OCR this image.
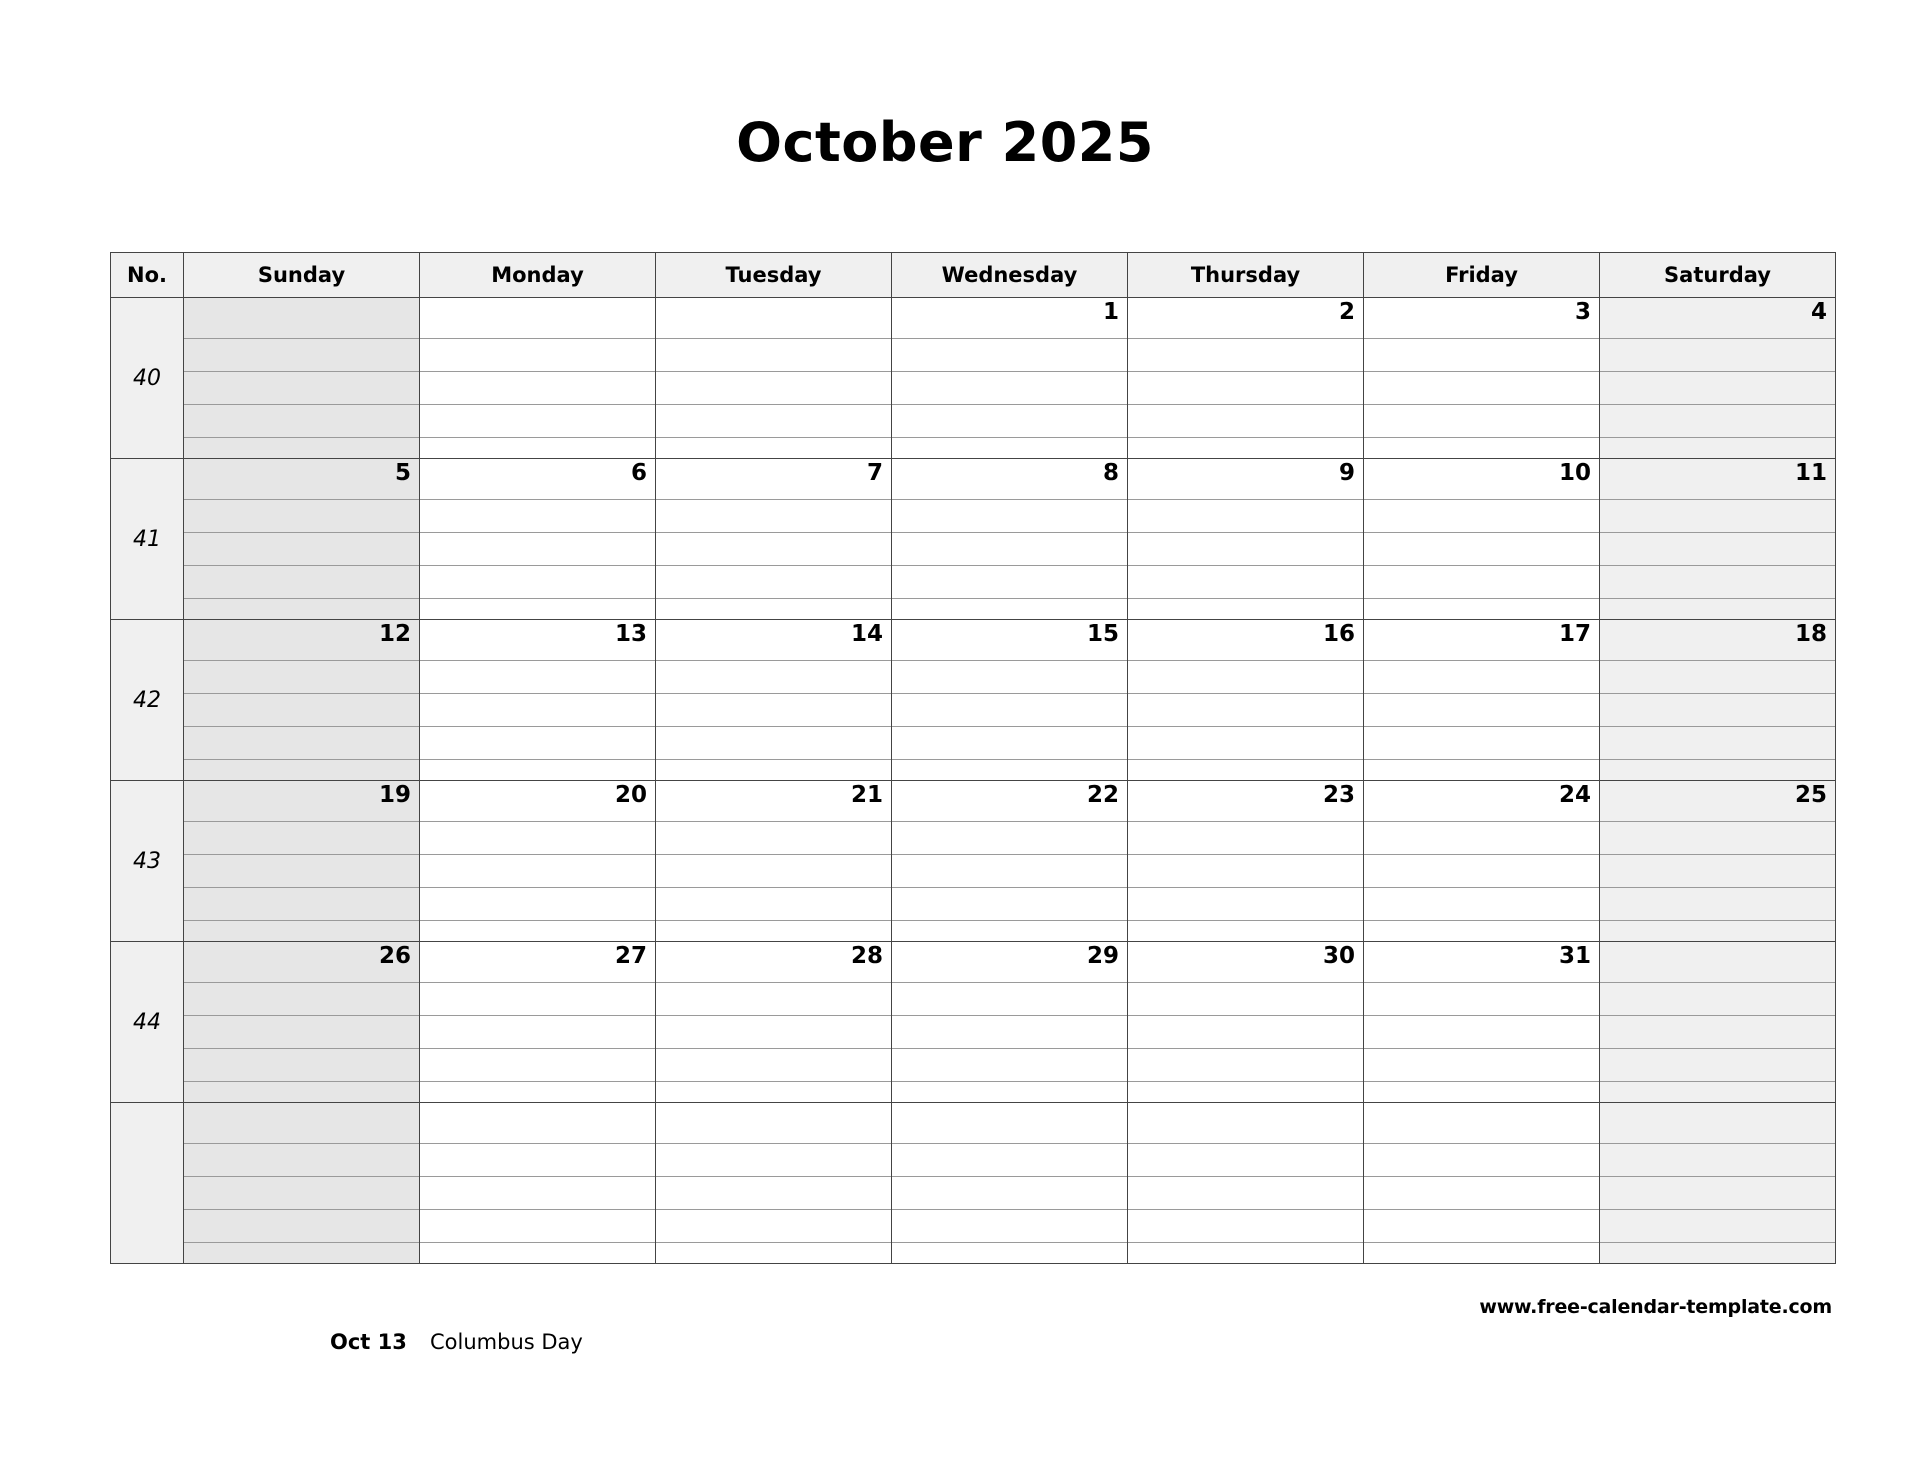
October 2025
No.	Sunday	Monday	Tuesday	Wednesday	Thursday	Friday	Saturday
40				1	2	3	4

41	5	6	7	8	9	10	11

42	12	13	14	15	16	17	18

43	19	20	21	22	23	24	25

44	26	27	28	29	30	31	

www.free-calendar-template.com
Oct 13	Columbus Day
